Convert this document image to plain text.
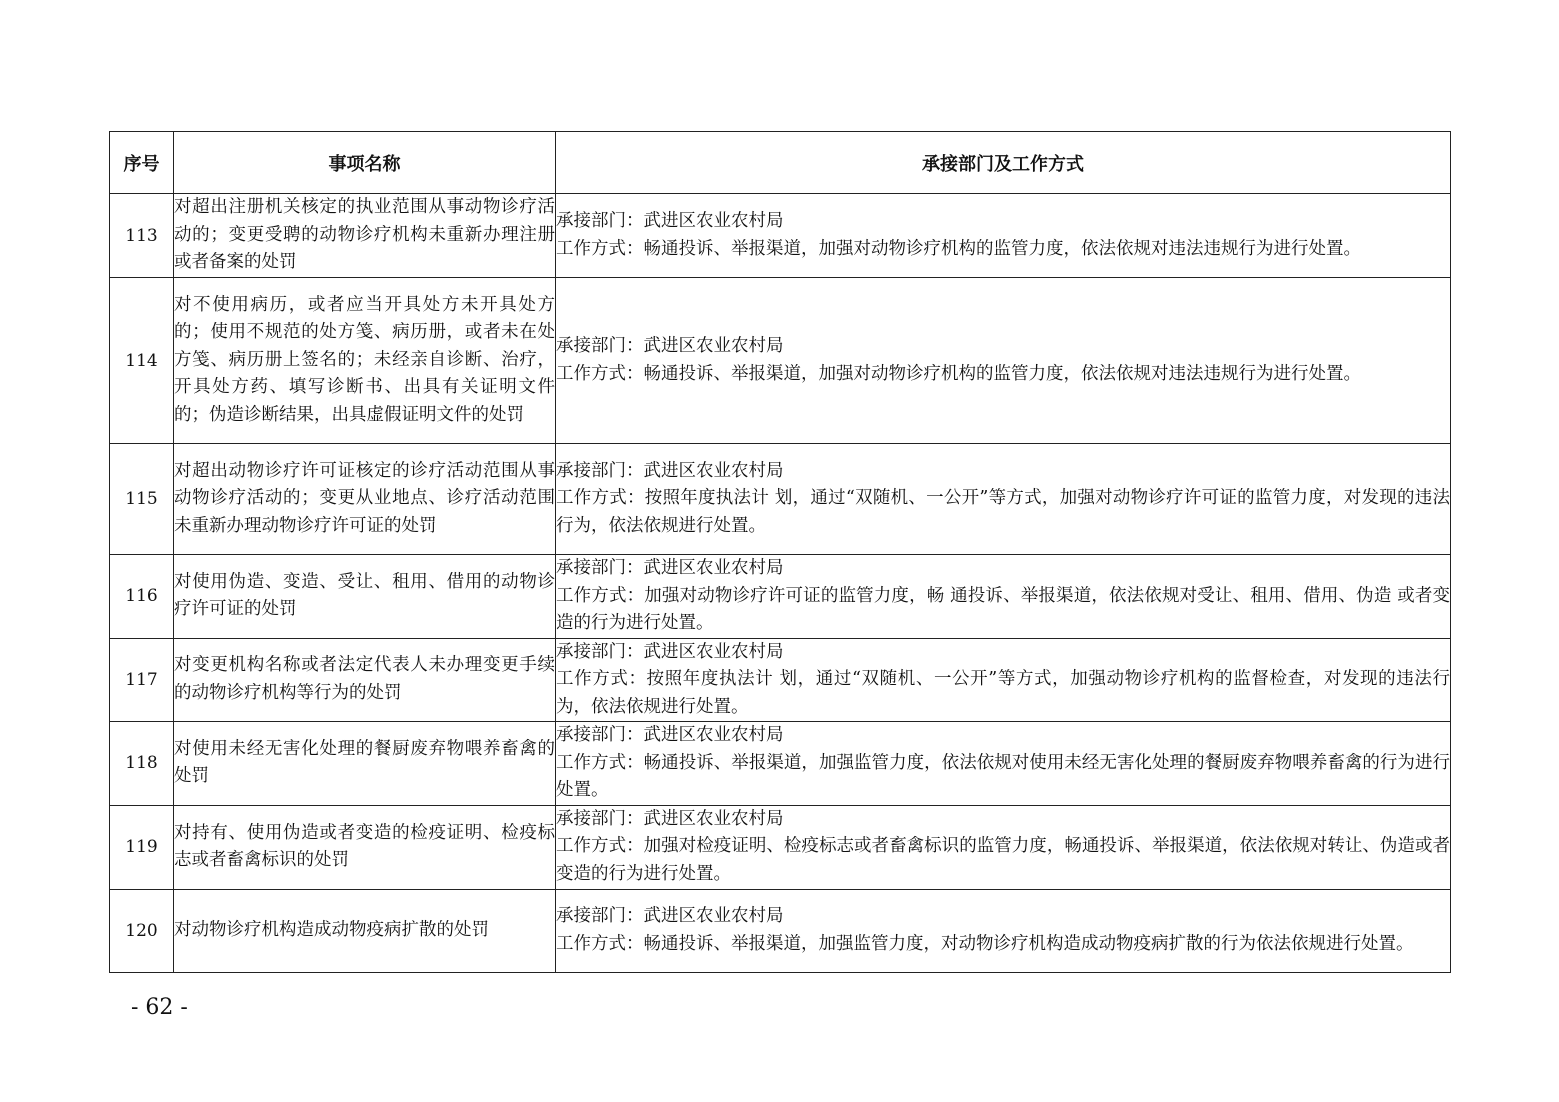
序号	事项名称	承接部门及工作方式
113	对超出注册机关核定的执业范围从事动物诊疗活动的；变更受聘的动物诊疗机构未重新办理注册或者备案的处罚	承接部门：武进区农业农村局
工作方式：畅通投诉、举报渠道，加强对动物诊疗机构的监管力度，依法依规对违法违规行为进行处置。

114	对不使用病历，或者应当开具处方未开具处方的；使用不规范的处方笺、病历册，或者未在处方笺、病历册上签名的；未经亲自诊断、治疗，开具处方药、填写诊断书、出具有关证明文件的；伪造诊断结果，出具虚假证明文件的处罚	承接部门：武进区农业农村局
工作方式：畅通投诉、举报渠道，加强对动物诊疗机构的监管力度，依法依规对违法违规行为进行处置。

115	对超出动物诊疗许可证核定的诊疗活动范围从事动物诊疗活动的；变更从业地点、诊疗活动范围未重新办理动物诊疗许可证的处罚	承接部门：武进区农业农村局
工作方式：按照年度执法计 划，通过“双随机、一公开”等方式，加强对动物诊疗许可证的监管力度，对发现的违法行为，依法依规进行处置。

116	对使用伪造、变造、受让、租用、借用的动物诊疗许可证的处罚	承接部门：武进区农业农村局
工作方式：加强对动物诊疗许可证的监管力度，畅 通投诉、举报渠道，依法依规对受让、租用、借用、伪造 或者变造的行为进行处置。

117	对变更机构名称或者法定代表人未办理变更手续的动物诊疗机构等行为的处罚	承接部门：武进区农业农村局
工作方式：按照年度执法计 划，通过“双随机、一公开”等方式，加强动物诊疗机构的监督检查，对发现的违法行 为，依法依规进行处置。

118	对使用未经无害化处理的餐厨废弃物喂养畜禽的处罚	承接部门：武进区农业农村局
工作方式：畅通投诉、举报渠道，加强监管力度，依法依规对使用未经无害化处理的餐厨废弃物喂养畜禽的行为进行处置。

119	对持有、使用伪造或者变造的检疫证明、检疫标志或者畜禽标识的处罚	承接部门：武进区农业农村局
工作方式：加强对检疫证明、检疫标志或者畜禽标识的监管力度，畅通投诉、举报渠道，依法依规对转让、伪造或者变造的行为进行处置。

120	对动物诊疗机构造成动物疫病扩散的处罚	承接部门：武进区农业农村局
工作方式：畅通投诉、举报渠道，加强监管力度，对动物诊疗机构造成动物疫病扩散的行为依法依规进行处置。
- 62 -
